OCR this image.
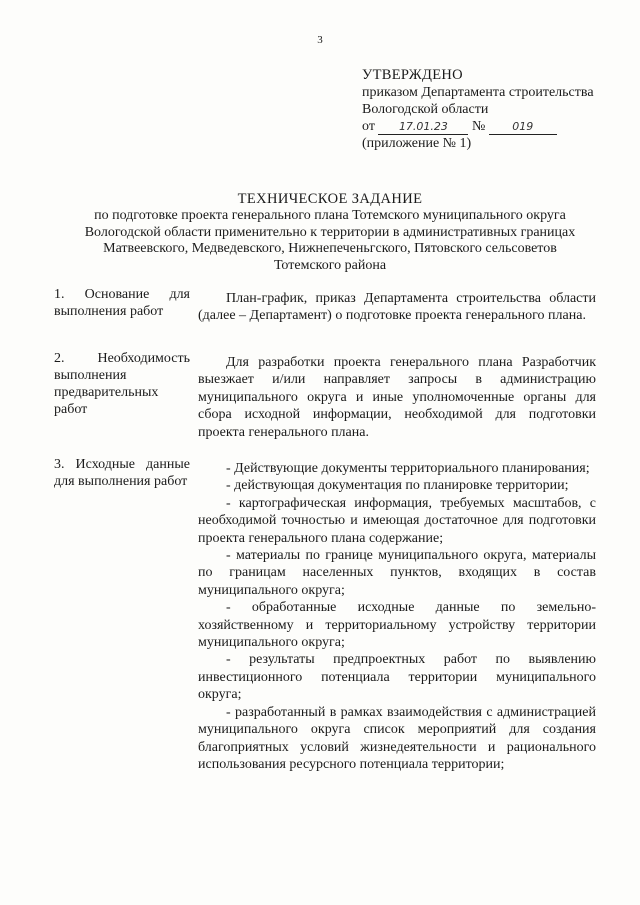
3
УТВЕРЖДЕНО
приказом Департамента строительства
Вологодской области
от 17.01.23 № 019
(приложение № 1)
ТЕХНИЧЕСКОЕ ЗАДАНИЕ
по подготовке проекта генерального плана Тотемского муниципального округа
Вологодской области применительно к территории в административных границах
Матвеевского, Медведевского, Нижнепеченьгского, Пятовского сельсоветов
Тотемского района
1. Основание для выполнения работ

План-график, приказ Департамента строительства области (далее – Департамент) о подготовке проекта генерального плана.

2. Необходимость выполнения предварительных работ

Для разработки проекта генерального плана Разработчик выезжает и/или направляет запросы в администрацию муниципального округа и иные уполномоченные органы для сбора исходной информации, необходимой для подготовки проекта генерального плана.

3. Исходные данные для выполнения работ
- Действующие документы территориального планирования;
- действующая документация по планировке территории;
- картографическая информация, требуемых масштабов, с необходимой точностью и имеющая достаточное для подготовки проекта генерального плана содержание;
- материалы по границе муниципального округа, материалы по границам населенных пунктов, входящих в состав муниципального округа;
- обработанные исходные данные по земельно-хозяйственному и территориальному устройству территории муниципального округа;
- результаты предпроектных работ по выявлению инвестиционного потенциала территории муниципального округа;
- разработанный в рамках взаимодействия с администрацией муниципального округа список мероприятий для создания благоприятных условий жизнедеятельности и рационального использования ресурсного потенциала территории;
